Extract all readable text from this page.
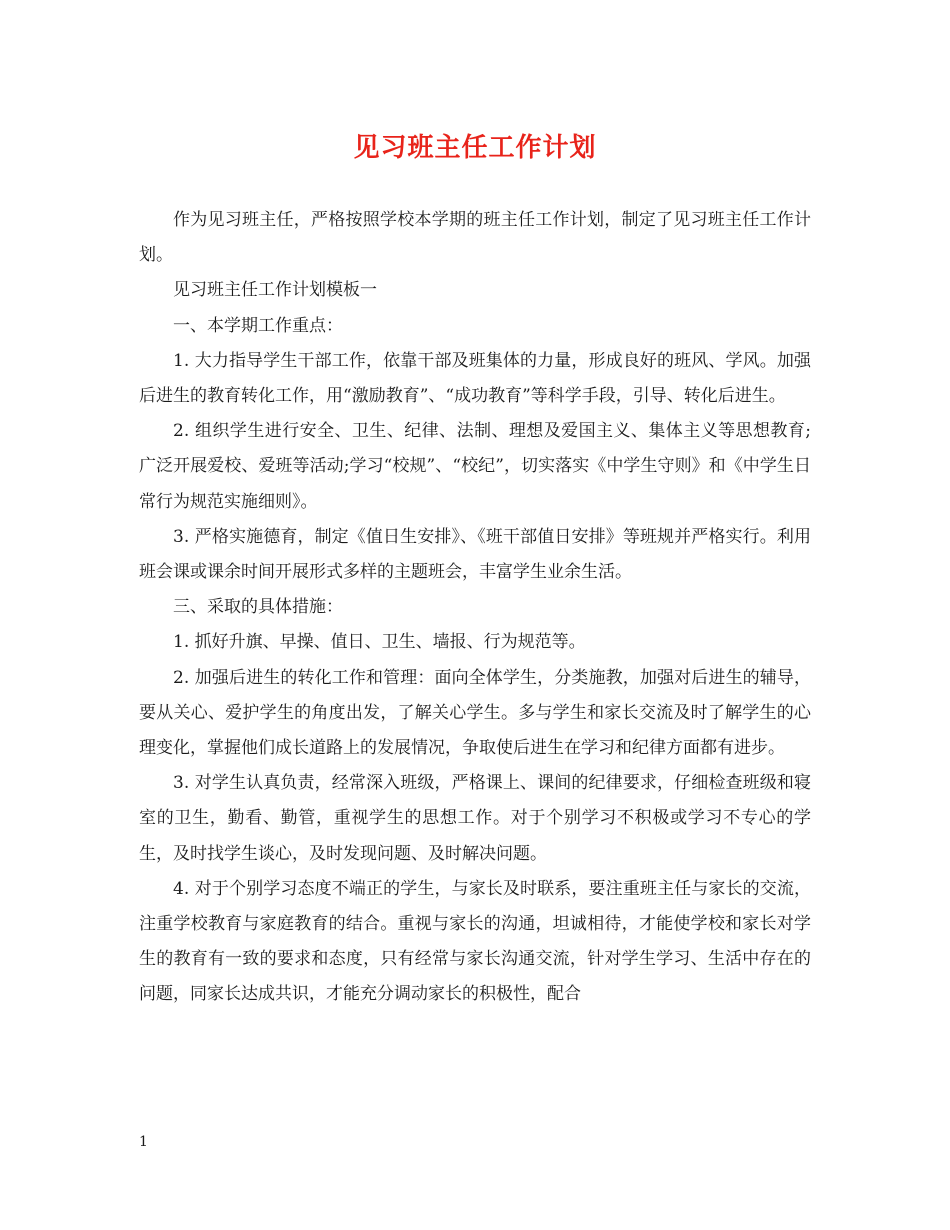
见习班主任工作计划

作为见习班主任，严格按照学校本学期的班主任工作计划，制定了见习班主任工作计划。

见习班主任工作计划模板一

一、本学期工作重点：

1. 大力指导学生干部工作，依靠干部及班集体的力量，形成良好的班风、学风。加强后进生的教育转化工作，用“激励教育”、“成功教育”等科学手段，引导、转化后进生。

2. 组织学生进行安全、卫生、纪律、法制、理想及爱国主义、集体主义等思想教育;广泛开展爱校、爱班等活动;学习“校规”、“校纪”，切实落实《中学生守则》和《中学生日常行为规范实施细则》。

3. 严格实施德育，制定《值日生安排》、《班干部值日安排》等班规并严格实行。利用班会课或课余时间开展形式多样的主题班会，丰富学生业余生活。

三、采取的具体措施：

1. 抓好升旗、早操、值日、卫生、墙报、行为规范等。

2. 加强后进生的转化工作和管理：面向全体学生，分类施教，加强对后进生的辅导，要从关心、爱护学生的角度出发，了解关心学生。多与学生和家长交流及时了解学生的心理变化，掌握他们成长道路上的发展情况，争取使后进生在学习和纪律方面都有进步。

3. 对学生认真负责，经常深入班级，严格课上、课间的纪律要求，仔细检查班级和寝室的卫生，勤看、勤管，重视学生的思想工作。对于个别学习不积极或学习不专心的学生，及时找学生谈心，及时发现问题、及时解决问题。

4. 对于个别学习态度不端正的学生，与家长及时联系，要注重班主任与家长的交流，注重学校教育与家庭教育的结合。重视与家长的沟通，坦诚相待，才能使学校和家长对学生的教育有一致的要求和态度，只有经常与家长沟通交流，针对学生学习、生活中存在的问题，同家长达成共识，才能充分调动家长的积极性，配合

1
